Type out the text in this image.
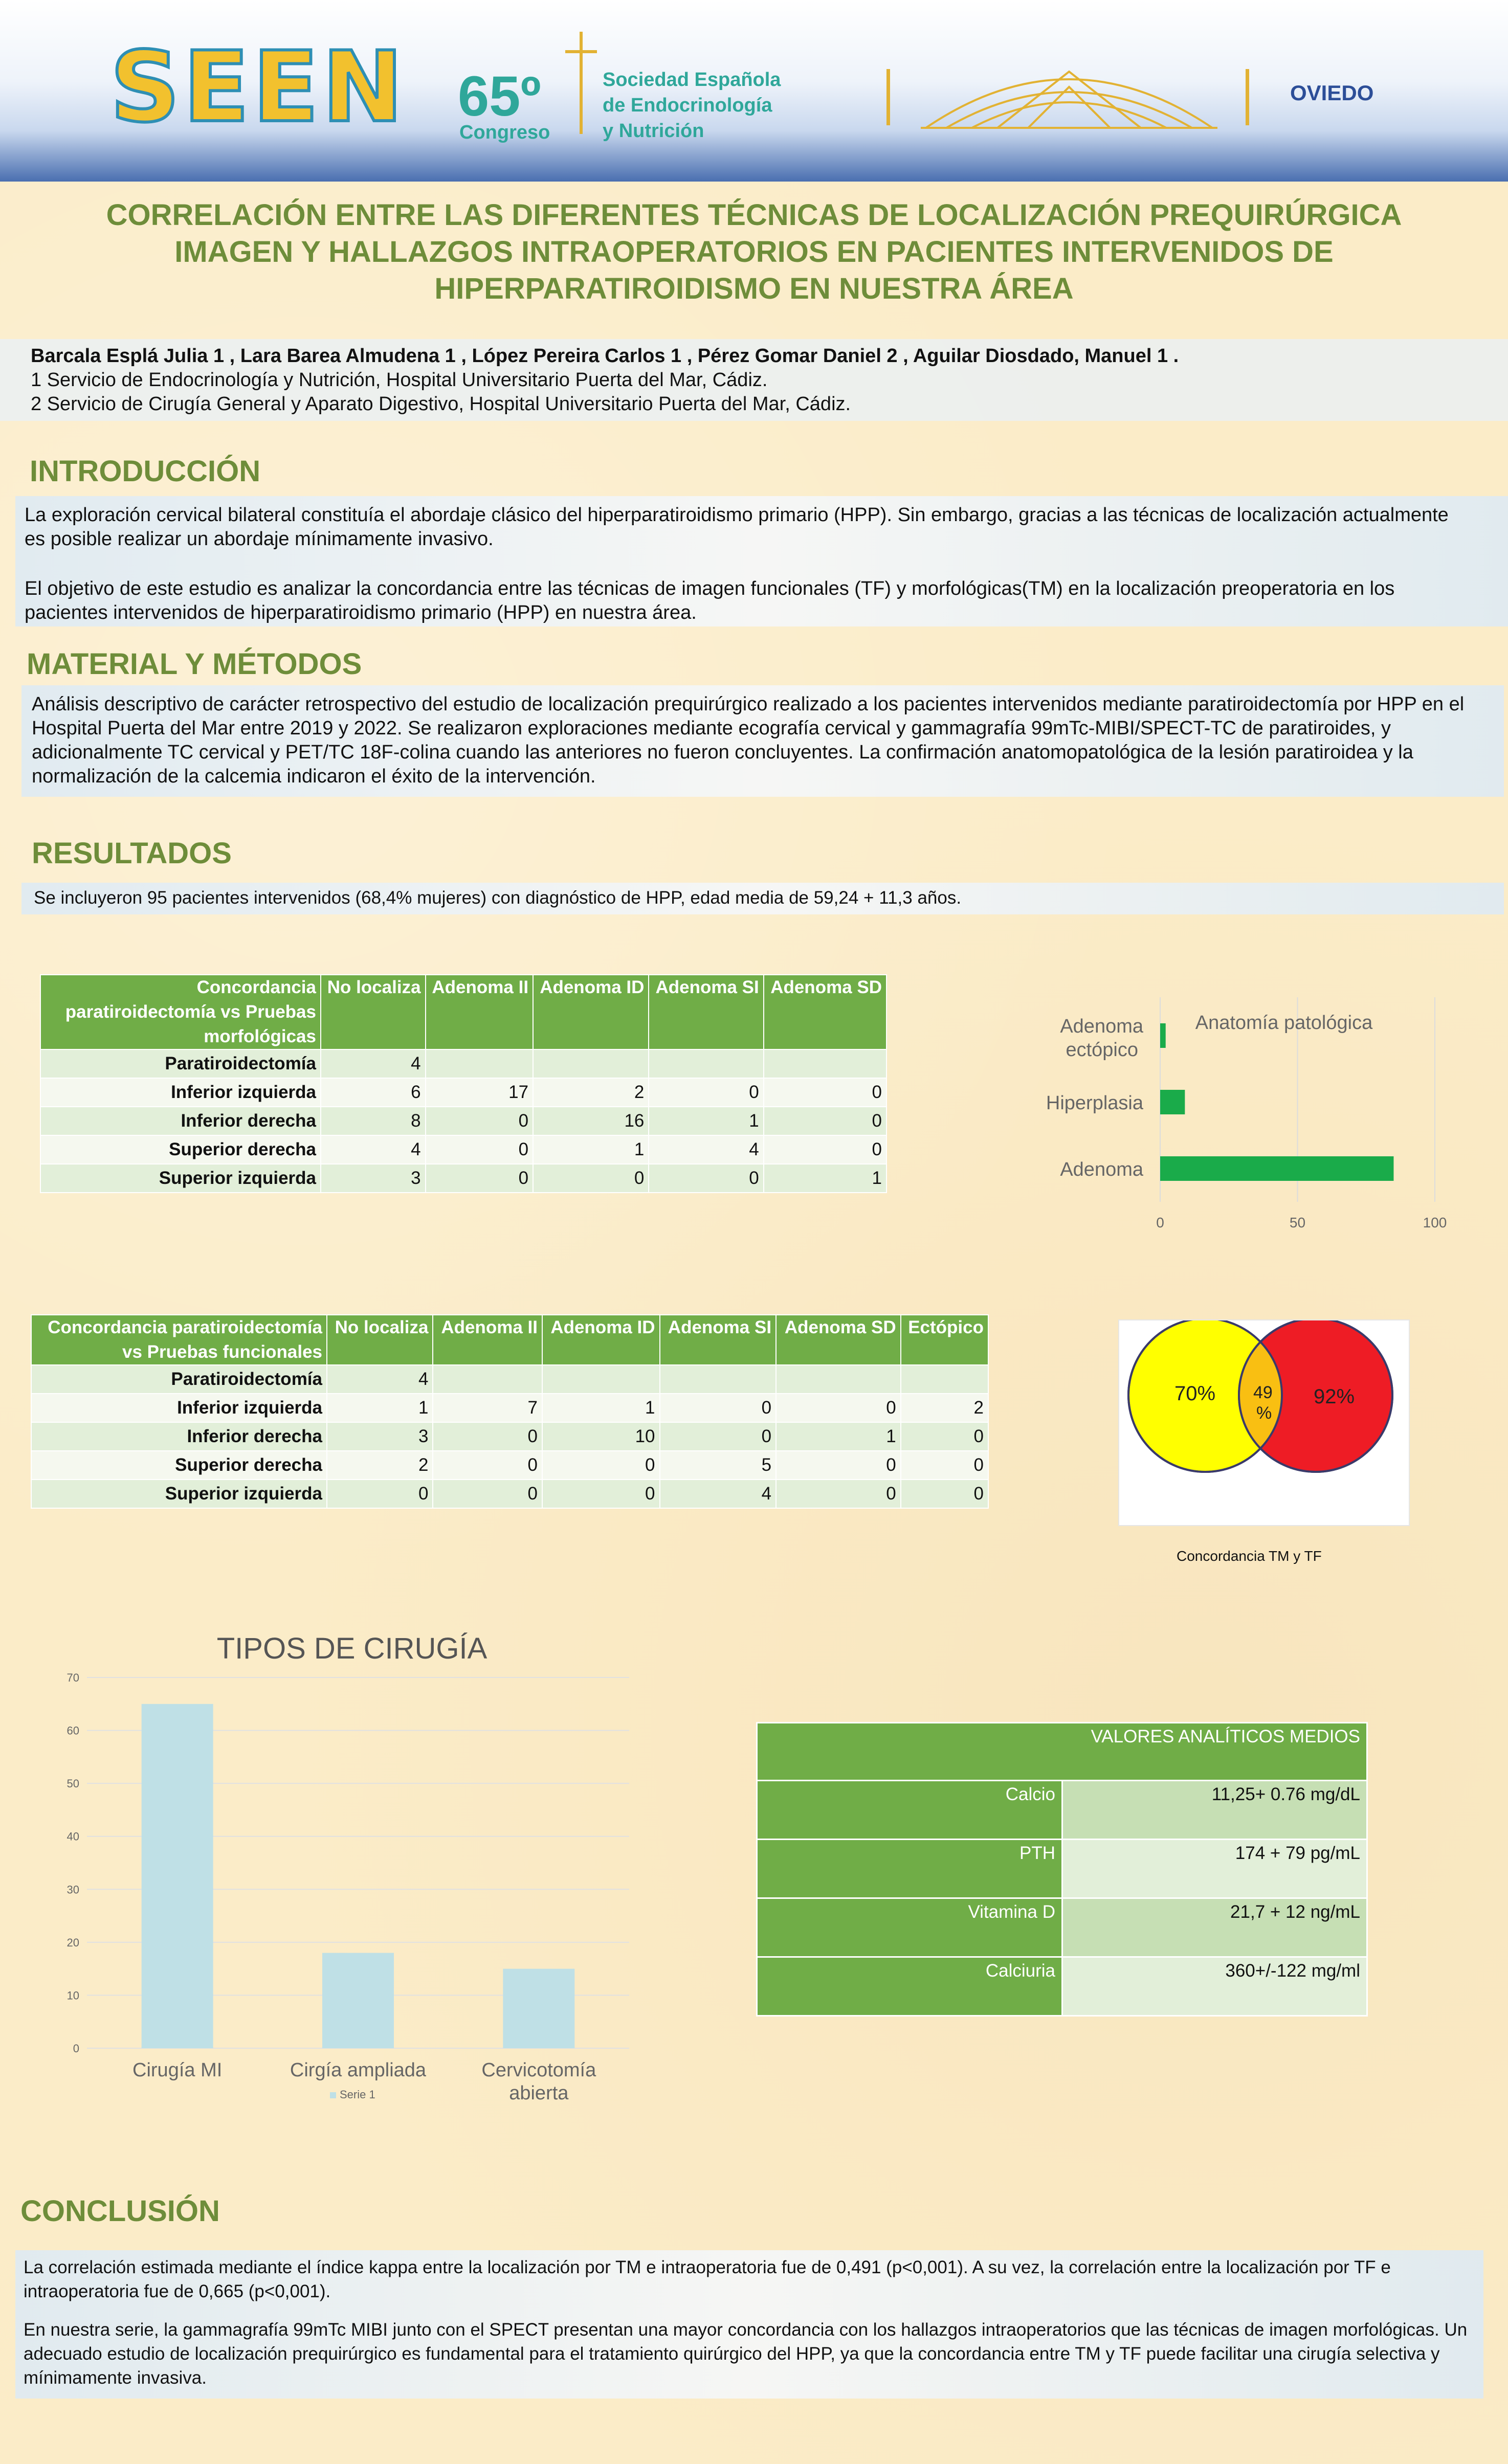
SEEN 65º
Congreso
Sociedad Española
de Endocrinología
y Nutrición
OVIEDO
CORRELACIÓN ENTRE LAS DIFERENTES TÉCNICAS DE LOCALIZACIÓN PREQUIRÚRGICA
IMAGEN Y HALLAZGOS INTRAOPERATORIOS EN PACIENTES INTERVENIDOS DE
HIPERPARATIROIDISMO EN NUESTRA ÁREA
Barcala Esplá Julia 1 , Lara Barea Almudena 1 , López Pereira Carlos 1 , Pérez Gomar Daniel 2 , Aguilar Diosdado, Manuel 1 .
1 Servicio de Endocrinología y Nutrición, Hospital Universitario Puerta del Mar, Cádiz.
2 Servicio de Cirugía General y Aparato Digestivo, Hospital Universitario Puerta del Mar, Cádiz.
INTRODUCCIÓN
La exploración cervical bilateral constituía el abordaje clásico del hiperparatiroidismo primario (HPP). Sin embargo, gracias a las técnicas de localización actualmente es posible realizar un abordaje mínimamente invasivo.
El objetivo de este estudio es analizar la concordancia entre las técnicas de imagen funcionales (TF) y morfológicas(TM) en la localización preoperatoria en los pacientes intervenidos de hiperparatiroidismo primario (HPP) en nuestra área.
MATERIAL Y MÉTODOS
Análisis descriptivo de carácter retrospectivo del estudio de localización prequirúrgico realizado a los pacientes intervenidos mediante paratiroidectomía por HPP en el Hospital Puerta del Mar entre 2019 y 2022. Se realizaron exploraciones mediante ecografía cervical y gammagrafía 99mTc-MIBI/SPECT-TC de paratiroides, y adicionalmente TC cervical y PET/TC 18F-colina cuando las anteriores no fueron concluyentes. La confirmación anatomopatológica de la lesión paratiroidea y la normalización de la calcemia indicaron el éxito de la intervención.
RESULTADOS
Se incluyeron 95 pacientes intervenidos (68,4% mujeres) con diagnóstico de HPP, edad media de 59,24 + 11,3 años.
Concordancia paratiroidectomía vs Pruebas morfológicas	No localiza	Adenoma II	Adenoma ID	Adenoma SI	Adenoma SD
Paratiroidectomía	4				
Inferior izquierda	6	17	2	0	0
Inferior derecha	8	0	16	1	0
Superior derecha	4	0	1	4	0
Superior izquierda	3	0	0	0	1
0	50	100
Anatomía patológica
Adenoma
ectópico
Hiperplasia
Adenoma
Concordancia paratiroidectomía vs Pruebas funcionales	No localiza	Adenoma II	Adenoma ID	Adenoma SI	Adenoma SD	Ectópico
Paratiroidectomía	4					
Inferior izquierda	1	7	1	0	0	2
Inferior derecha	3	0	10	0	1	0
Superior derecha	2	0	0	5	0	0
Superior izquierda	0	0	0	4	0	0
70% 49
%
92%
Concordancia TM y TF
TIPOS DE CIRUGÍA
0
10
20
30
40
50
60
70
Cirugía MI	Cirgía ampliada	Cervicotomía
abierta
Serie 1
VALORES ANALÍTICOS MEDIOS	
Calcio	11,25+ 0.76 mg/dL
PTH	174 + 79 pg/mL
Vitamina D	21,7 + 12 ng/mL
Calciuria	360+/-122 mg/ml
CONCLUSIÓN
La correlación estimada mediante el índice kappa entre la localización por TM e intraoperatoria fue de 0,491 (p<0,001). A su vez, la correlación entre la localización por TF e intraoperatoria fue de 0,665 (p<0,001).
En nuestra serie, la gammagrafía 99mTc MIBI junto con el SPECT presentan una mayor concordancia con los hallazgos intraoperatorios que las técnicas de imagen morfológicas. Un adecuado estudio de localización prequirúrgico es fundamental para el tratamiento quirúrgico del HPP, ya que la concordancia entre TM y TF puede facilitar una cirugía selectiva y mínimamente invasiva.
